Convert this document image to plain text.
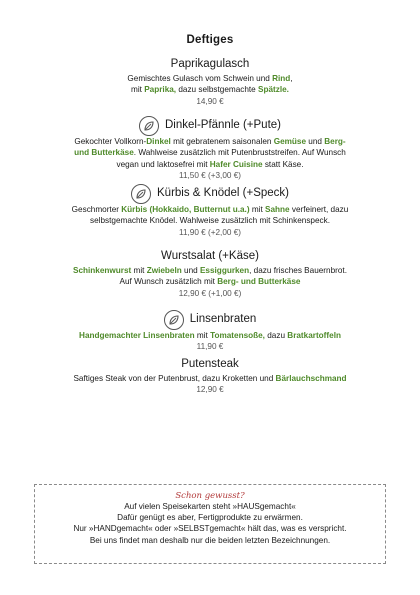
Deftiges
Paprikagulasch
Gemischtes Gulasch vom Schwein und Rind,
mit Paprika, dazu selbstgemachte Spätzle.
14,90 €
Dinkel-Pfännle (+Pute)
Gekochter Vollkorn-Dinkel mit gebratenem saisonalen Gemüse und Berg-
und Butterkäse. Wahlweise zusätzlich mit Putenbruststreifen. Auf Wunsch
vegan und laktosefrei mit Hafer Cuisine statt Käse.
11,50 € (+3,00 €)
Kürbis & Knödel (+Speck)
Geschmorter Kürbis (Hokkaido, Butternut u.a.) mit Sahne verfeinert, dazu
selbstgemachte Knödel. Wahlweise zusätzlich mit Schinkenspeck.
11,90 € (+2,00 €)
Wurstsalat (+Käse)
Schinkenwurst mit Zwiebeln und Essiggurken, dazu frisches Bauernbrot.
Auf Wunsch zusätzlich mit Berg- und Butterkäse
12,90 € (+1,00 €)
Linsenbraten
Handgemachter Linsenbraten mit Tomatensoße, dazu Bratkartoffeln
11,90 €
Putensteak
Saftiges Steak von der Putenbrust, dazu Kroketten und Bärlauchschmand
12,90 €
Schon gewusst?
Auf vielen Speisekarten steht »HAUSgemacht«
Dafür genügt es aber, Fertigprodukte zu erwärmen.
Nur »HANDgemacht« oder »SELBSTgemacht« hält das, was es verspricht.
Bei uns findet man deshalb nur die beiden letzten Bezeichnungen.
